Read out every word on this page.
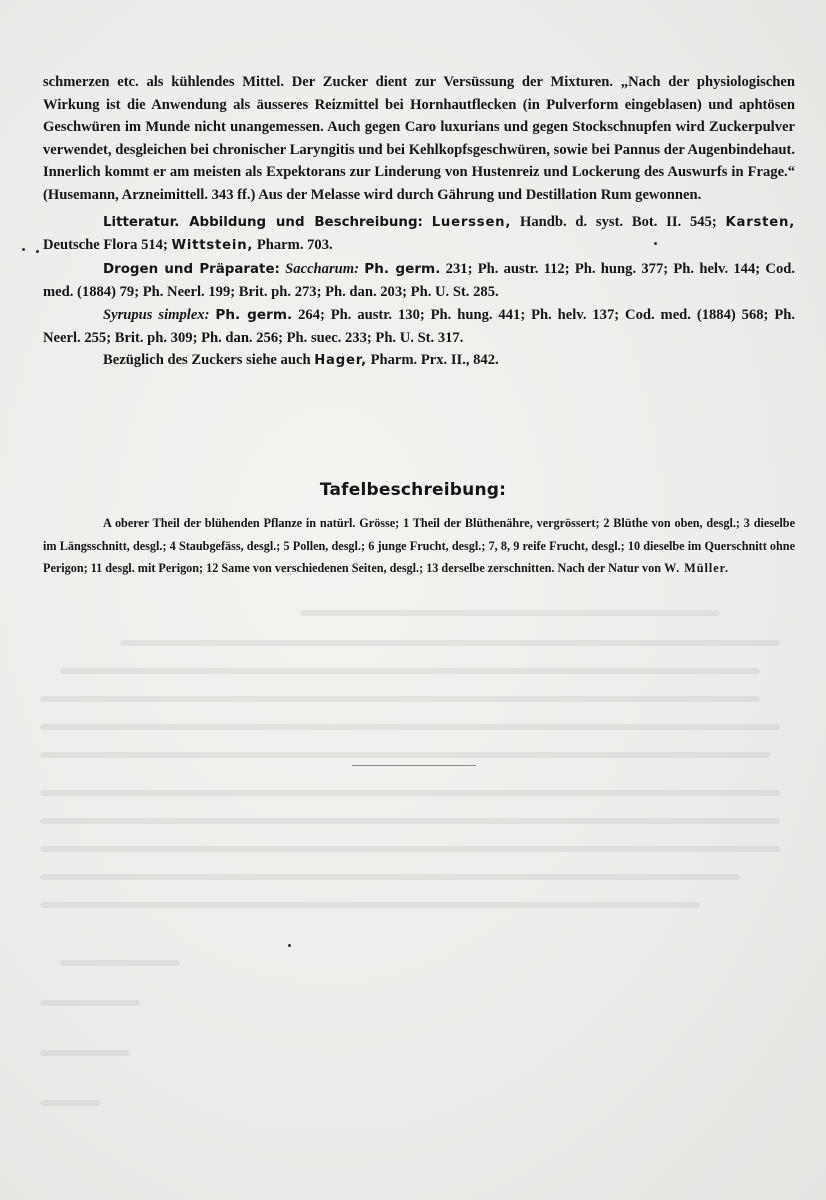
schmerzen etc. als kühlendes Mittel. Der Zucker dient zur Versüssung der Mixturen. „Nach der physiologischen Wirkung ist die Anwendung als äusseres Reizmittel bei Hornhautflecken (in Pulverform eingeblasen) und aphtösen Geschwüren im Munde nicht unangemessen. Auch gegen Caro luxurians und gegen Stockschnupfen wird Zuckerpulver verwendet, desgleichen bei chronischer Laryngitis und bei Kehlkopfsgeschwüren, sowie bei Pannus der Augenbindehaut. Innerlich kommt er am meisten als Expektorans zur Linderung von Hustenreiz und Lockerung des Auswurfs in Frage.“ (Husemann, Arzneimittell. 343 ff.) Aus der Melasse wird durch Gährung und Destillation Rum gewonnen.

Litteratur. Abbildung und Beschreibung: Luerssen, Handb. d. syst. Bot. II. 545; Karsten, Deutsche Flora 514; Wittstein, Pharm. 703.

Drogen und Präparate: Saccharum: Ph. germ. 231; Ph. austr. 112; Ph. hung. 377; Ph. helv. 144; Cod. med. (1884) 79; Ph. Neerl. 199; Brit. ph. 273; Ph. dan. 203; Ph. U. St. 285.

Syrupus simplex: Ph. germ. 264; Ph. austr. 130; Ph. hung. 441; Ph. helv. 137; Cod. med. (1884) 568; Ph. Neerl. 255; Brit. ph. 309; Ph. dan. 256; Ph. suec. 233; Ph. U. St. 317.

Bezüglich des Zuckers siehe auch Hager, Pharm. Prx. II., 842.

Tafelbeschreibung:

A oberer Theil der blühenden Pflanze in natürl. Grösse; 1 Theil der Blüthenähre, vergrössert; 2 Blüthe von oben, desgl.; 3 dieselbe im Längsschnitt, desgl.; 4 Staubgefäss, desgl.; 5 Pollen, desgl.; 6 junge Frucht, desgl.; 7, 8, 9 reife Frucht, desgl.; 10 dieselbe im Querschnitt ohne Perigon; 11 desgl. mit Perigon; 12 Same von verschiedenen Seiten, desgl.; 13 derselbe zerschnitten. Nach der Natur von W. Müller.
